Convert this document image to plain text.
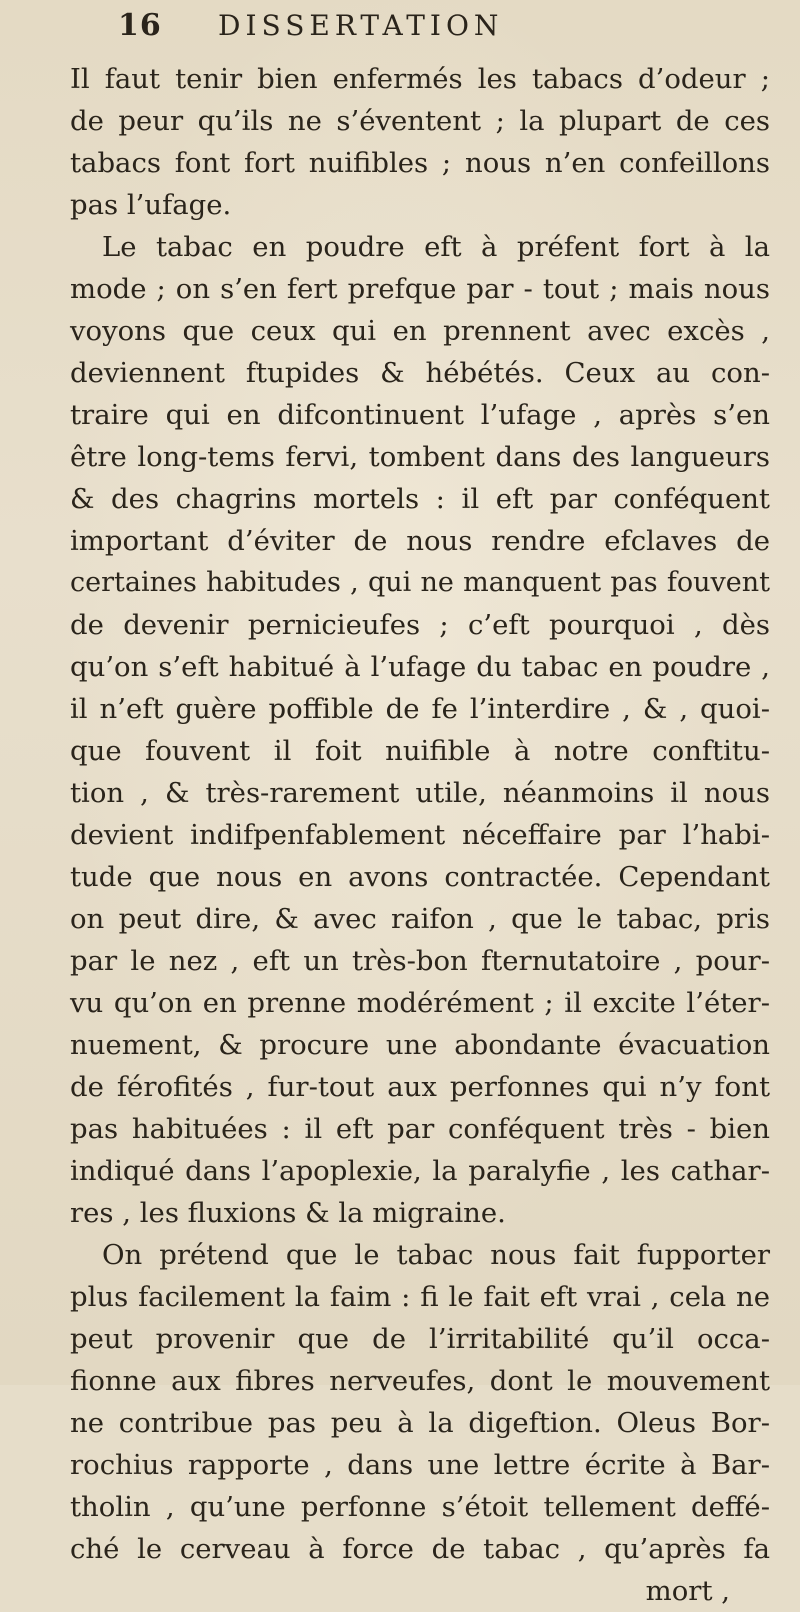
16 DISSERTATION
Il faut tenir bien enfermés les tabacs d’odeur ;
de peur qu’ils ne s’éventent ; la plupart de ces
tabacs font fort nuifibles ; nous n’en confeillons
pas l’ufage.
Le tabac en poudre eft à préfent fort à la
mode ; on s’en fert prefque par - tout ; mais nous
voyons que ceux qui en prennent avec excès ,
deviennent ftupides & hébétés. Ceux au con-
traire qui en difcontinuent l’ufage , après s’en
être long-tems fervi, tombent dans des langueurs
& des chagrins mortels : il eft par conféquent
important d’éviter de nous rendre efclaves de
certaines habitudes , qui ne manquent pas fouvent
de devenir pernicieufes ; c’eft pourquoi , dès
qu’on s’eft habitué à l’ufage du tabac en poudre ,
il n’eft guère poffible de fe l’interdire , & , quoi-
que fouvent il foit nuifible à notre conftitu-
tion , & très-rarement utile, néanmoins il nous
devient indifpenfablement néceffaire par l’habi-
tude que nous en avons contractée. Cependant
on peut dire, & avec raifon , que le tabac, pris
par le nez , eft un très-bon fternutatoire , pour-
vu qu’on en prenne modérément ; il excite l’éter-
nuement, & procure une abondante évacuation
de férofités , fur-tout aux perfonnes qui n’y font
pas habituées : il eft par conféquent très - bien
indiqué dans l’apoplexie, la paralyfie , les cathar-
res , les fluxions & la migraine.
On prétend que le tabac nous fait fupporter
plus facilement la faim : fi le fait eft vrai , cela ne
peut provenir que de l’irritabilité qu’il occa-
fionne aux fibres nerveufes, dont le mouvement
ne contribue pas peu à la digeftion. Oleus Bor-
rochius rapporte , dans une lettre écrite à Bar-
tholin , qu’une perfonne s’étoit tellement deffé-
ché le cerveau à force de tabac , qu’après fa
mort ,
